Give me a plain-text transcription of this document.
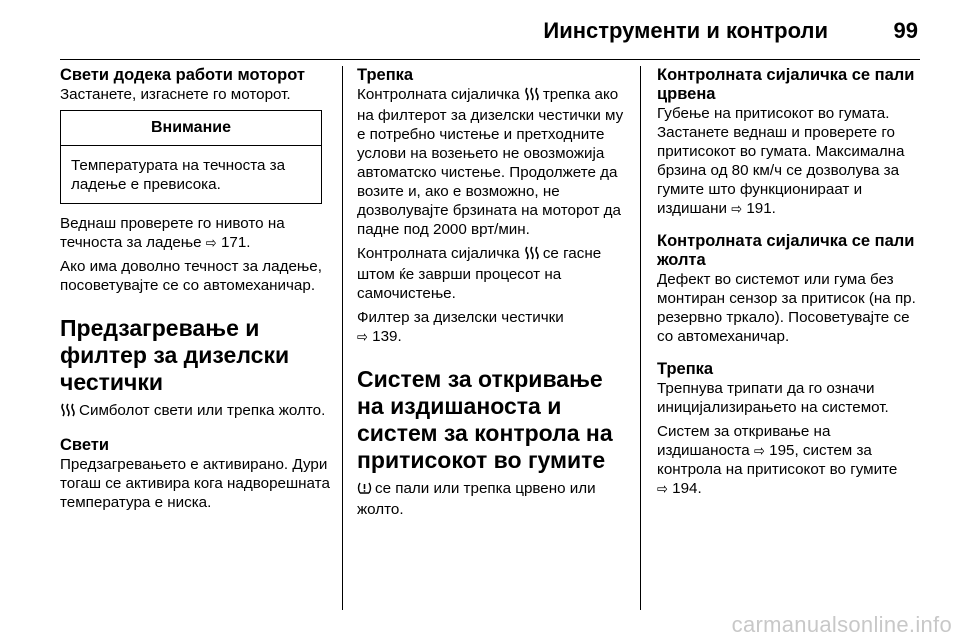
Иинструменти и контроли	99
Свети додека работи моторот

Застанете, изгаснете го моторот.

Внимание
Температурата на течноста за ладење е превисока.

Веднаш проверете го нивото на течноста за ладење ⇨ 171.

Ако има доволно течност за ладење, посоветувајте се со автомеханичар.

Предзагревање и филтер за дизелски честички

Симболот свети или трепка жолто.

Свети

Предзагревањето е активирано. Дури тогаш се активира кога надворешната температура е ниска.

Трепка

Контролната сијаличка трепка ако на филтерот за дизелски честички му е потребно чистење и претходните услови на возењето не овозможија автоматско чистење. Продолжете да возите и, ако е возможно, не дозволувајте брзината на моторот да падне под 2000 врт/мин.

Контролната сијаличка се гасне штом ќе заврши процесот на самочистење.

Филтер за дизелски честички
⇨ 139.

Систем за откривање на издишаноста и систем за контрола на притисокот во гумите

се пали или трепка црвено или жолто.

Контролната сијаличка се пали црвена

Губење на притисокот во гумата. Застанете веднаш и проверете го притисокот во гумата. Максимална брзина од 80 км/ч се дозволува за гумите што функционираат и издишани ⇨ 191.

Контролната сијаличка се пали жолта

Дефект во системот или гума без монтиран сензор за притисок (на пр. резервно тркало). Посоветувајте се со автомеханичар.

Трепка

Трепнува трипати да го означи иницијализирањето на системот.

Систем за откривање на издишаноста ⇨ 195, систем за контрола на притисокот во гумите
⇨ 194.

carmanualsonline.info
